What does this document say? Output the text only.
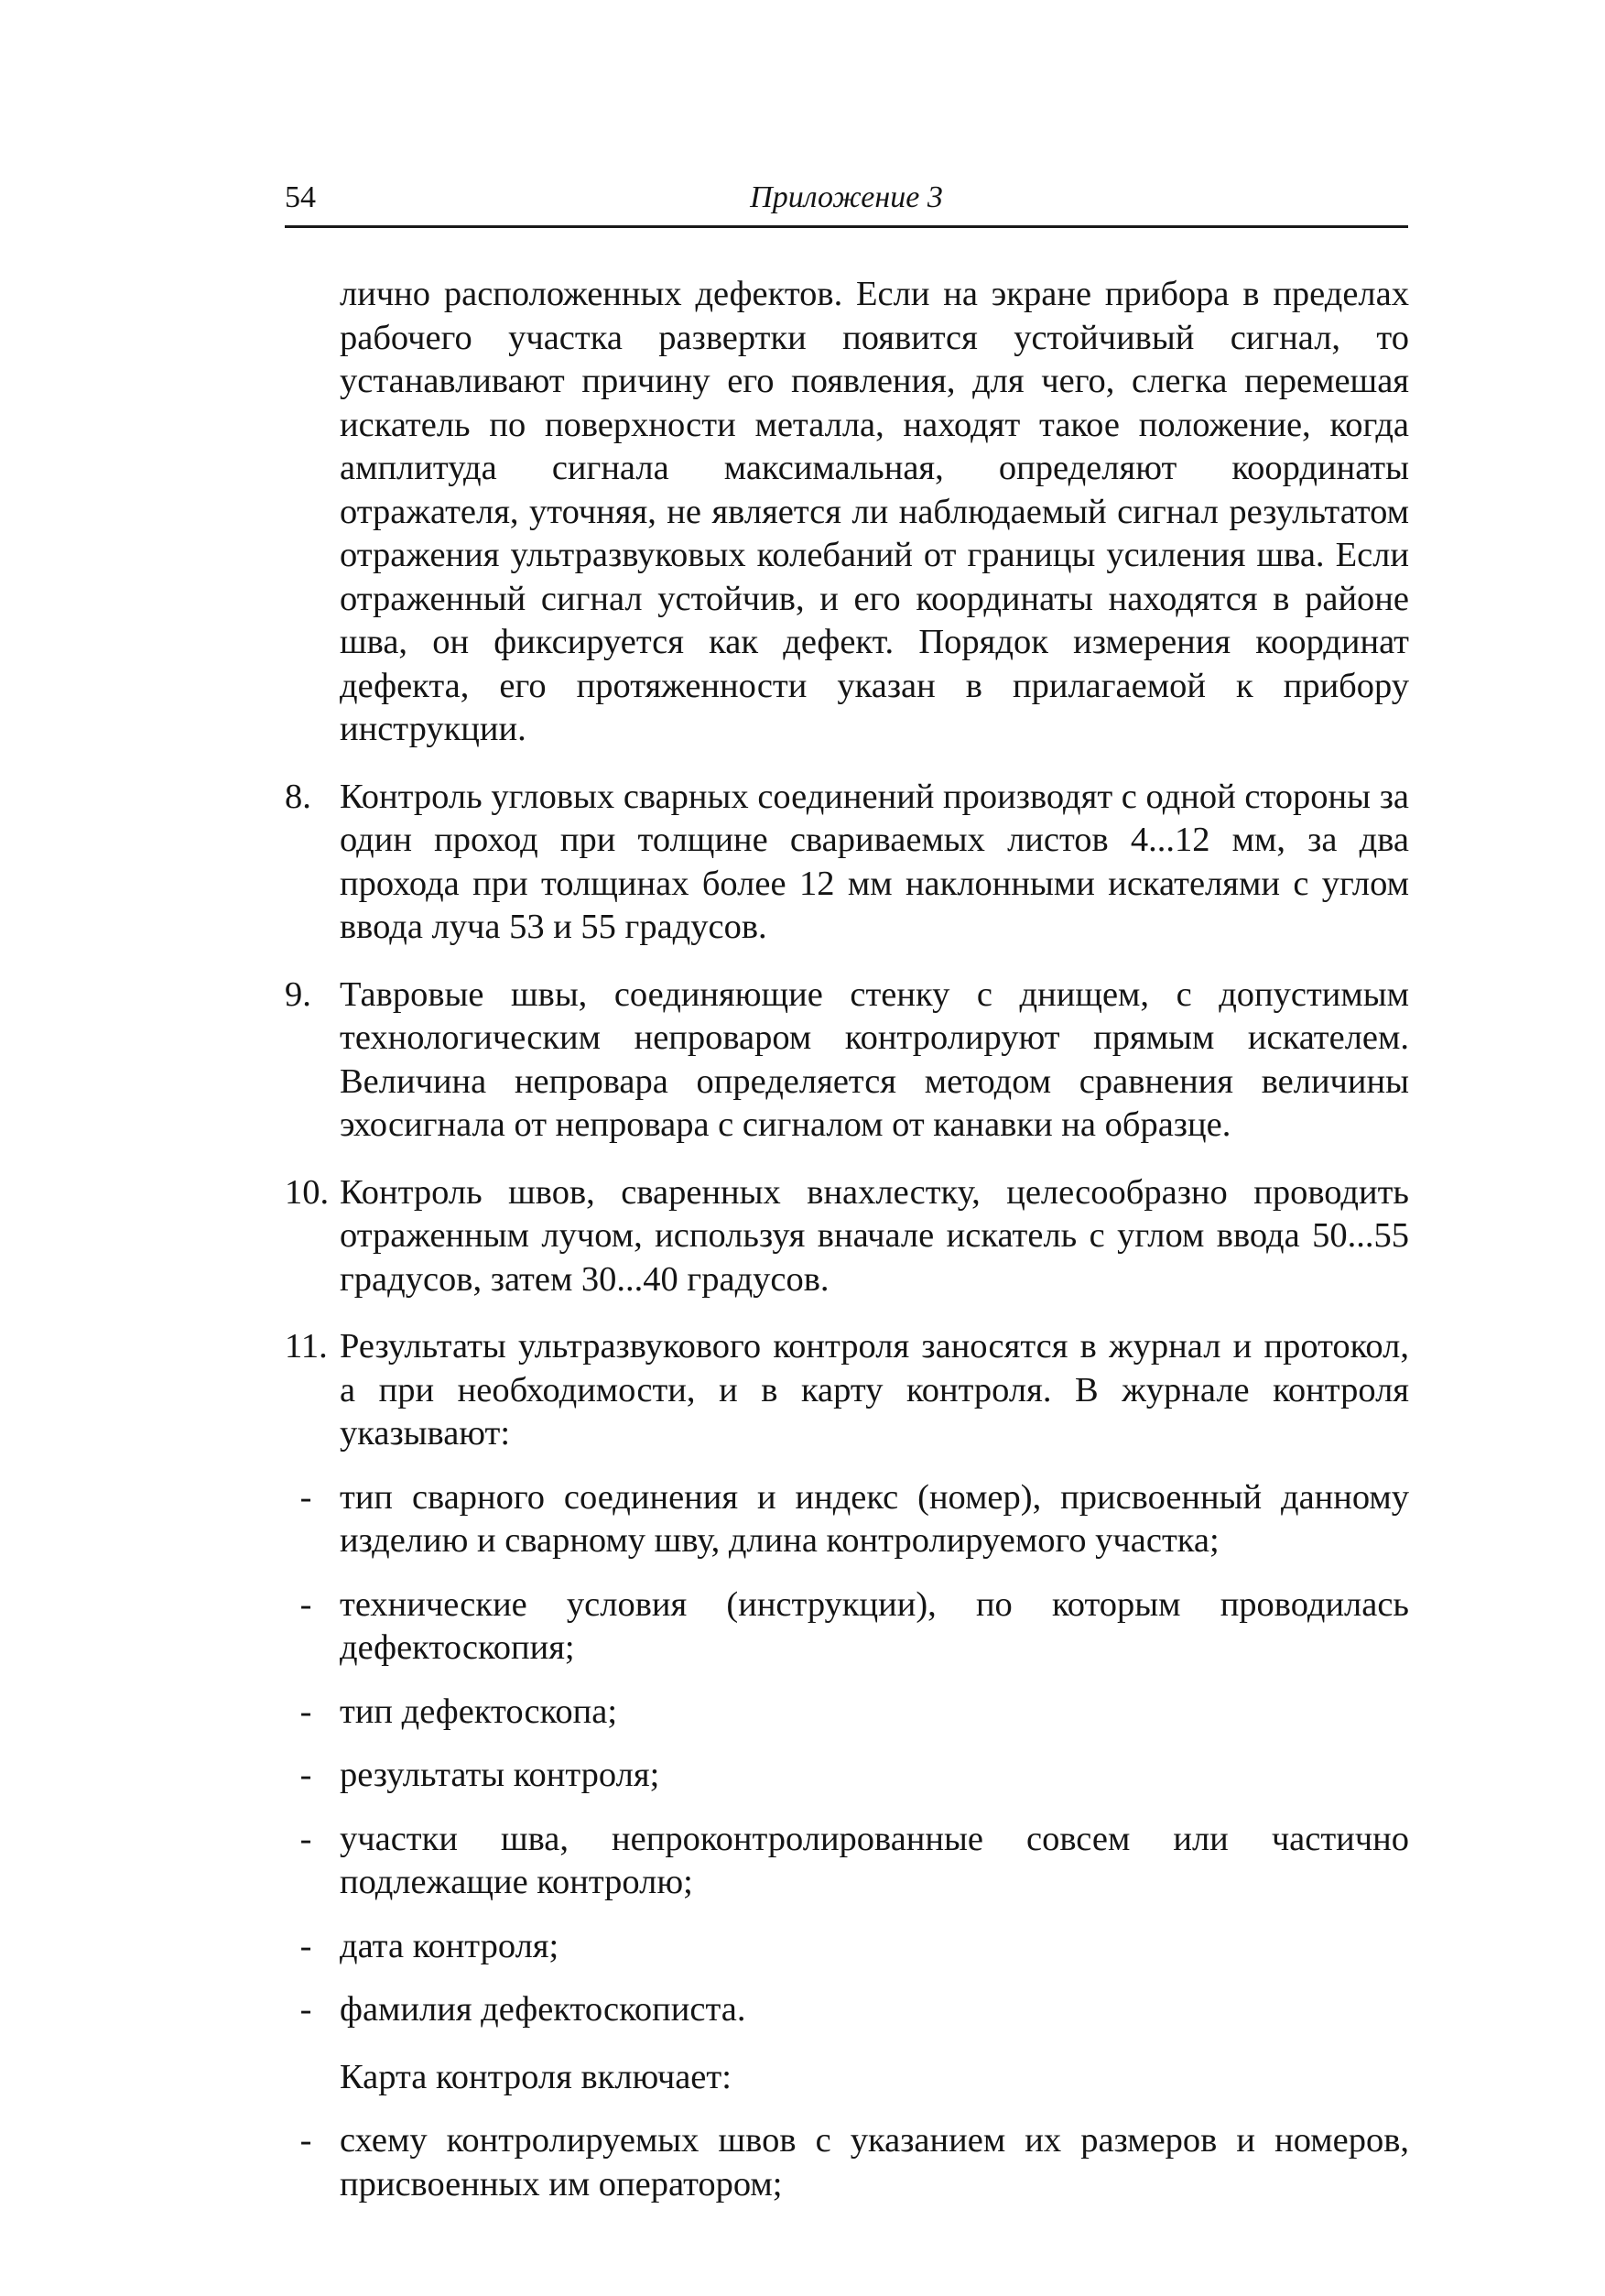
54	Приложение 3

лично расположенных дефектов. Если на экране прибора в пределах рабочего участка развертки появится устойчивый сигнал, то устанавливают причину его появления, для чего, слегка перемешая искатель по поверхности металла, находят такое положение, когда амплитуда сигнала максимальная, определяют координаты отражателя, уточняя, не является ли наблюдаемый сигнал результатом отражения ультразвуковых колебаний от границы усиления шва. Если отраженный сигнал устойчив, и его координаты находятся в районе шва, он фиксируется как дефект. Порядок измерения координат дефекта, его протяженности указан в прилагаемой к прибору инструкции.

8. Контроль угловых сварных соединений производят с одной стороны за один проход при толщине свариваемых листов 4...12 мм, за два прохода при толщинах более 12 мм наклонными искателями с углом ввода луча 53 и 55 градусов.
9. Тавровые швы, соединяющие стенку с днищем, с допустимым технологическим непроваром контролируют прямым искателем. Величина непровара определяется методом сравнения величины эхосигнала от непровара с сигналом от канавки на образце.
10. Контроль швов, сваренных внахлестку, целесообразно проводить отраженным лучом, используя вначале искатель с углом ввода 50...55 градусов, затем 30...40 градусов.
11. Результаты ультразвукового контроля заносятся в журнал и протокол, а при необходимости, и в карту контроля. В журнале контроля указывают:
- тип сварного соединения и индекс (номер), присвоенный данному изделию и сварному шву, длина контролируемого участка;
- технические условия (инструкции), по которым проводилась дефектоскопия;
- тип дефектоскопа;
- результаты контроля;
- участки шва, непроконтролированные совсем или частично подлежащие контролю;
- дата контроля;
- фамилия дефектоскописта.

Карта контроля включает:

- схему контролируемых швов с указанием их размеров и номеров, присвоенных им оператором;
